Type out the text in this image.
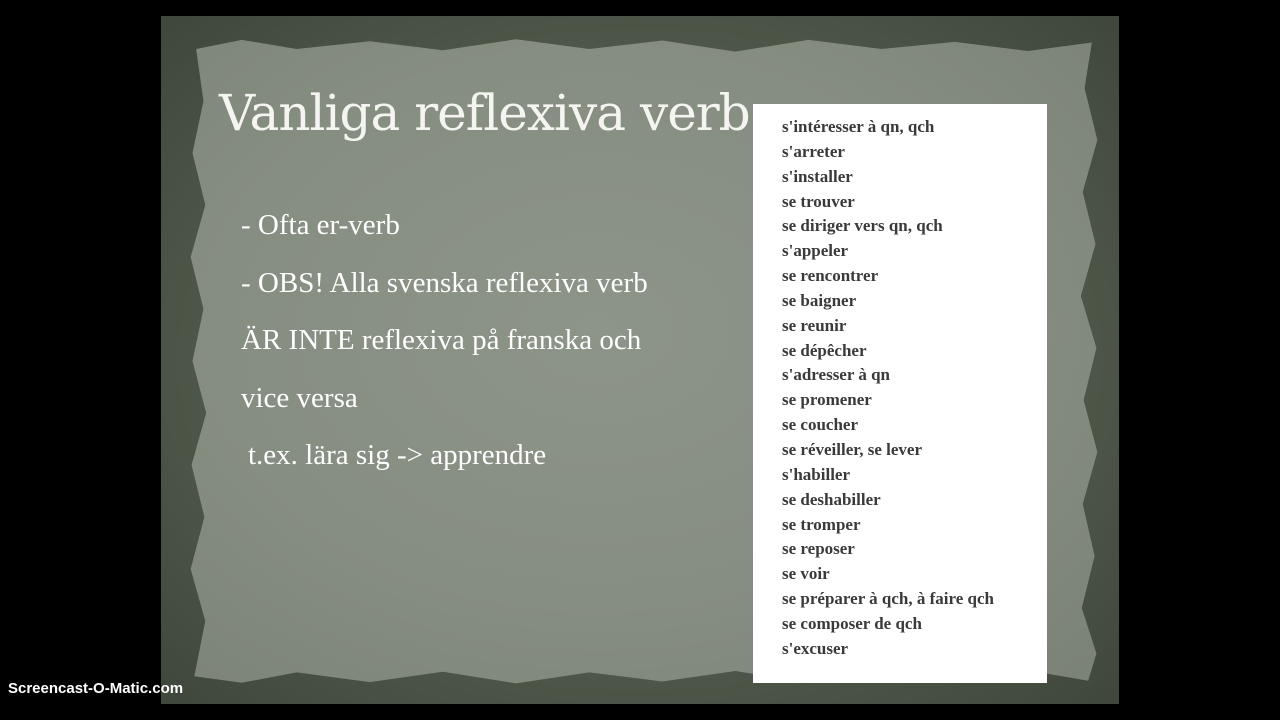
Vanliga reflexiva verb
- Ofta er-verb
- OBS! Alla svenska reflexiva verb
ÄR INTE reflexiva på franska och
vice versa
t.ex. lära sig -> apprendre
s'intéresser à qn, qch
s'arreter
s'installer
se trouver
se diriger vers qn, qch
s'appeler
se rencontrer
se baigner
se reunir
se dépêcher
s'adresser à qn
se promener
se coucher
se réveiller, se lever
s'habiller
se deshabiller
se tromper
se reposer
se voir
se préparer à qch, à faire qch
se composer de qch
s'excuser
Screencast-O-Matic.com
